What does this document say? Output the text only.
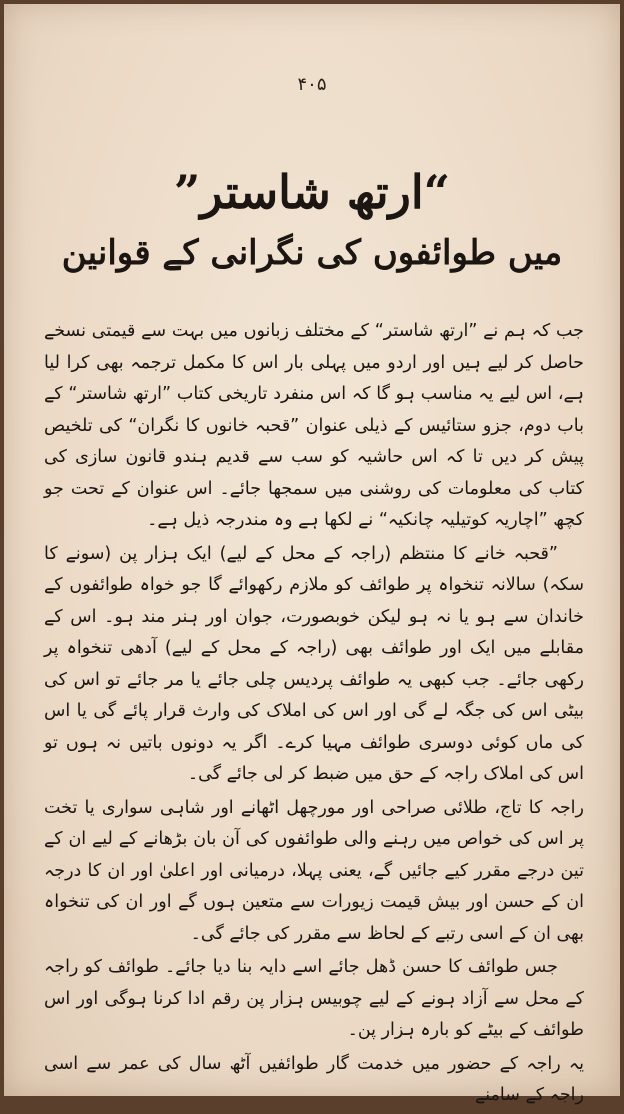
۴۰۵
”ارتھ شاستر“
میں طوائفوں کی نگرانی کے قوانین

جب کہ ہم نے ”ارتھ شاستر“ کے مختلف زبانوں میں بہت سے قیمتی نسخے حاصل کر لیے ہیں اور اردو میں پہلی بار اس کا مکمل ترجمہ بھی کرا لیا ہے، اس لیے یہ مناسب ہو گا کہ اس منفرد تاریخی کتاب ”ارتھ شاستر“ کے باب دوم، جزو ستائیس کے ذیلی عنوان ”قحبہ خانوں کا نگران“ کی تلخیص پیش کر دیں تا کہ اس حاشیہ کو سب سے قدیم ہندو قانون سازی کی کتاب کی معلومات کی روشنی میں سمجھا جائے۔ اس عنوان کے تحت جو کچھ ”اچاریہ کوتیلیہ چانکیہ“ نے لکھا ہے وہ مندرجہ ذیل ہے۔

”قحبہ خانے کا منتظم (راجہ کے محل کے لیے) ایک ہزار پن (سونے کا سکہ) سالانہ تنخواہ پر طوائف کو ملازم رکھوائے گا جو خواہ طوائفوں کے خاندان سے ہو یا نہ ہو لیکن خوبصورت، جوان اور ہنر مند ہو۔ اس کے مقابلے میں ایک اور طوائف بھی (راجہ کے محل کے لیے) آدھی تنخواہ پر رکھی جائے۔ جب کبھی یہ طوائف پردیس چلی جائے یا مر جائے تو اس کی بیٹی اس کی جگہ لے گی اور اس کی املاک کی وارث قرار پائے گی یا اس کی ماں کوئی دوسری طوائف مہیا کرے۔ اگر یہ دونوں باتیں نہ ہوں تو اس کی املاک راجہ کے حق میں ضبط کر لی جائے گی۔

راجہ کا تاج، طلائی صراحی اور مورچھل اٹھانے اور شاہی سواری یا تخت پر اس کی خواص میں رہنے والی طوائفوں کی آن بان بڑھانے کے لیے ان کے تین درجے مقرر کیے جائیں گے، یعنی پہلا، درمیانی اور اعلیٰ اور ان کا درجہ ان کے حسن اور بیش قیمت زیورات سے متعین ہوں گے اور ان کی تنخواہ بھی ان کے اسی رتبے کے لحاظ سے مقرر کی جائے گی۔

جس طوائف کا حسن ڈھل جائے اسے دایہ بنا دیا جائے۔ طوائف کو راجہ کے محل سے آزاد ہونے کے لیے چوبیس ہزار پن رقم ادا کرنا ہوگی اور اس طوائف کے بیٹے کو بارہ ہزار پن۔

یہ راجہ کے حضور میں خدمت گار طوائفیں آٹھ سال کی عمر سے اسی راجہ کے سامنے
